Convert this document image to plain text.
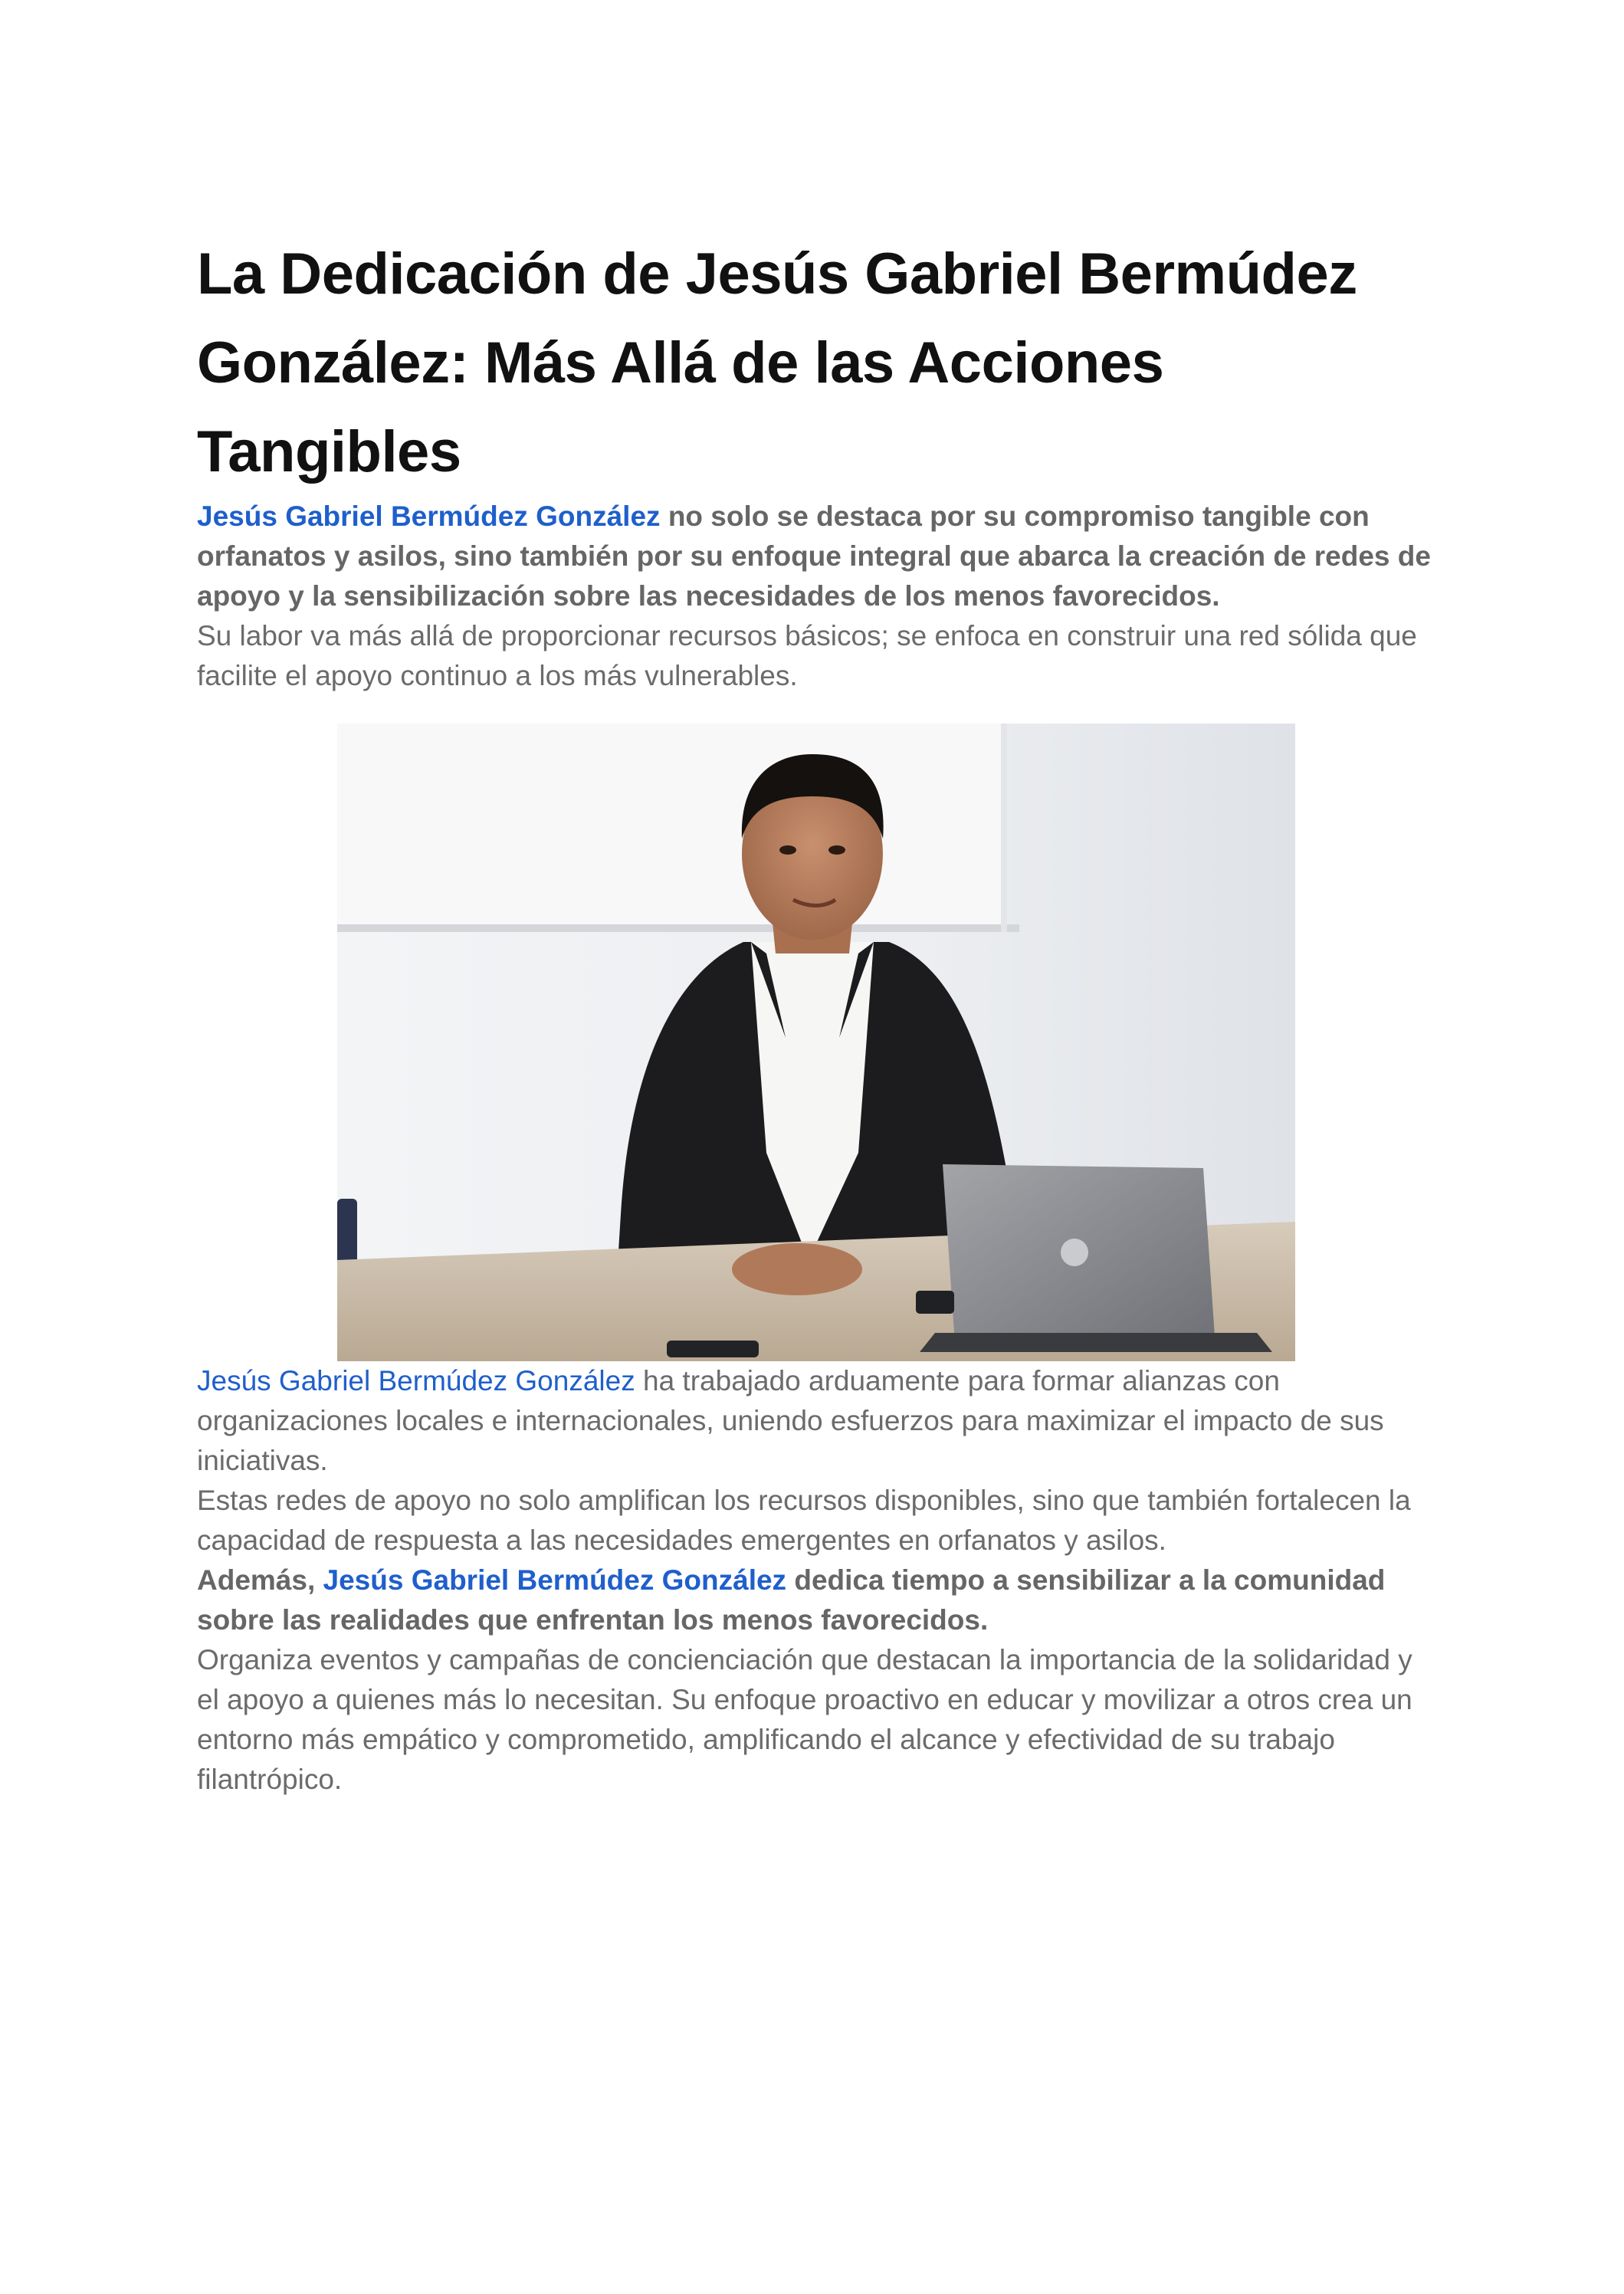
La Dedicación de Jesús Gabriel Bermúdez González: Más Allá de las Acciones Tangibles

Jesús Gabriel Bermúdez González no solo se destaca por su compromiso tangible con orfanatos y asilos, sino también por su enfoque integral que abarca la creación de redes de apoyo y la sensibilización sobre las necesidades de los menos favorecidos.

Su labor va más allá de proporcionar recursos básicos; se enfoca en construir una red sólida que facilite el apoyo continuo a los más vulnerables.

Jesús Gabriel Bermúdez González ha trabajado arduamente para formar alianzas con organizaciones locales e internacionales, uniendo esfuerzos para maximizar el impacto de sus iniciativas.

Estas redes de apoyo no solo amplifican los recursos disponibles, sino que también fortalecen la capacidad de respuesta a las necesidades emergentes en orfanatos y asilos.

Además, Jesús Gabriel Bermúdez González dedica tiempo a sensibilizar a la comunidad sobre las realidades que enfrentan los menos favorecidos.

Organiza eventos y campañas de concienciación que destacan la importancia de la solidaridad y el apoyo a quienes más lo necesitan. Su enfoque proactivo en educar y movilizar a otros crea un entorno más empático y comprometido, amplificando el alcance y efectividad de su trabajo filantrópico.
